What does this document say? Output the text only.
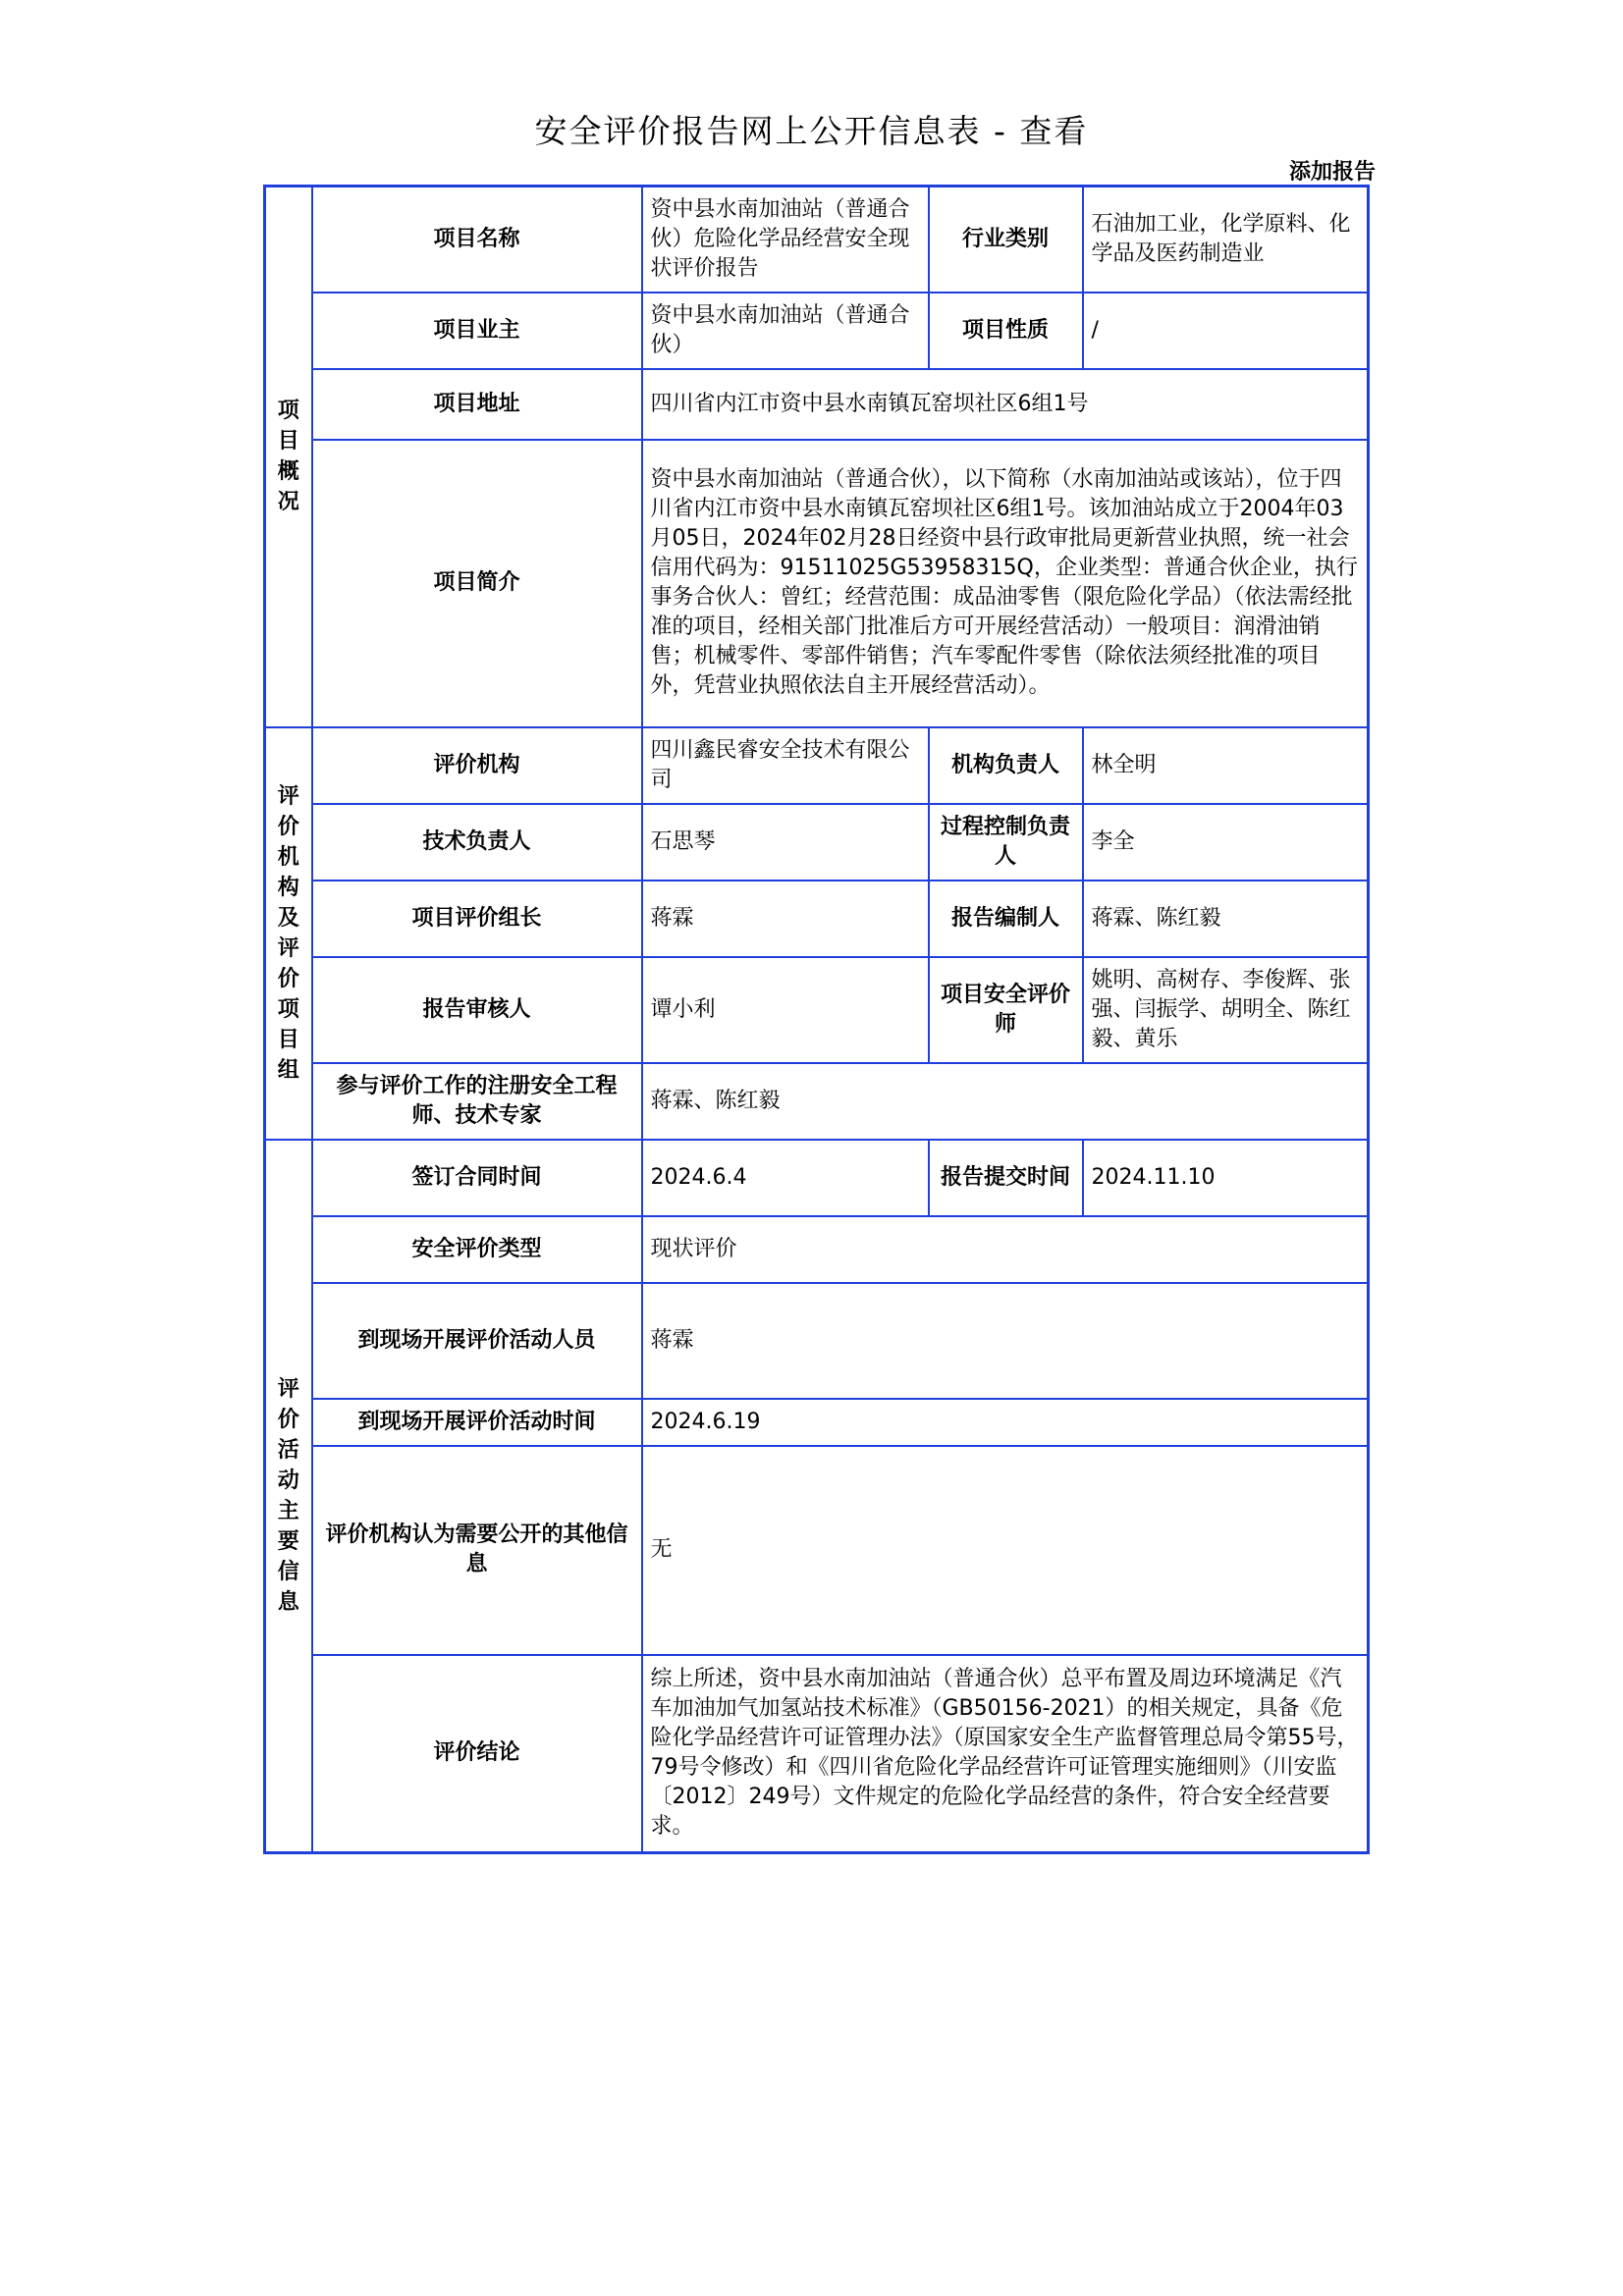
安全评价报告网上公开信息表 - 查看
添加报告
项目概况	项目名称	资中县水南加油站（普通合伙）危险化学品经营安全现状评价报告	行业类别	石油加工业，化学原料、化学品及医药制造业
	项目业主	资中县水南加油站（普通合伙）	项目性质	/
	项目地址	四川省内江市资中县水南镇瓦窑坝社区6组1号		
	项目简介	资中县水南加油站（普通合伙），以下简称（水南加油站或该站），位于四川省内江市资中县水南镇瓦窑坝社区6组1号。该加油站成立于2004年03月05日，2024年02月28日经资中县行政审批局更新营业执照，统一社会信用代码为：91511025G53958315Q，企业类型：普通合伙企业，执行事务合伙人：曾红；经营范围：成品油零售（限危险化学品）（依法需经批准的项目，经相关部门批准后方可开展经营活动）一般项目：润滑油销售；机械零件、零部件销售；汽车零配件零售（除依法须经批准的项目外，凭营业执照依法自主开展经营活动）。		

评价机构及评价项目组	评价机构	四川鑫民睿安全技术有限公司	机构负责人	林全明
	技术负责人	石思琴	过程控制负责人	李全
	项目评价组长	蒋霖	报告编制人	蒋霖、陈红毅
	报告审核人	谭小利	项目安全评价师	姚明、高树存、李俊辉、张强、闫振学、胡明全、陈红毅、黄乐
	参与评价工作的注册安全工程师、技术专家	蒋霖、陈红毅		

评价活动主要信息	签订合同时间	2024.6.4	报告提交时间	2024.11.10
	安全评价类型	现状评价		
	到现场开展评价活动人员	蒋霖		
	到现场开展评价活动时间	2024.6.19		
	评价机构认为需要公开的其他信息	无		
	评价结论	综上所述，资中县水南加油站（普通合伙）总平布置及周边环境满足《汽车加油加气加氢站技术标准》（GB50156-2021）的相关规定，具备《危险化学品经营许可证管理办法》（原国家安全生产监督管理总局令第55号，79号令修改）和《四川省危险化学品经营许可证管理实施细则》（川安监〔2012〕249号）文件规定的危险化学品经营的条件，符合安全经营要求。		
